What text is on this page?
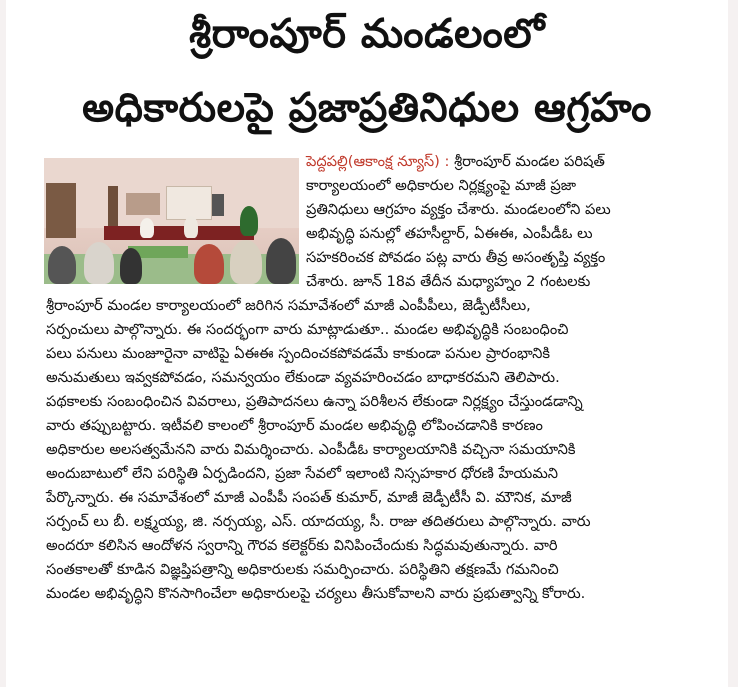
శ్రీరాంపూర్ మండలంలో
అధికారులపై ప్రజాప్రతినిధుల ఆగ్రహం
పెద్దపల్లి(ఆకాంక్ష న్యూస్) : శ్రీరాంపూర్ మండల పరిషత్
కార్యాలయంలో అధికారుల నిర్లక్ష్యంపై మాజీ ప్రజా
ప్రతినిధులు ఆగ్రహం వ్యక్తం చేశారు. మండలంలోని పలు
అభివృద్ధి పనుల్లో తహసీల్దార్, ఏఈఈ, ఎంపీడీఓ లు
సహకరించక పోవడం పట్ల వారు తీవ్ర అసంతృప్తి వ్యక్తం
చేశారు. జూన్ 18వ తేదీన మధ్యాహ్నం 2 గంటలకు
శ్రీరాంపూర్ మండల కార్యాలయంలో జరిగిన సమావేశంలో మాజీ ఎంపీపీలు, జెడ్పీటీసీలు,
సర్పంచులు పాల్గొన్నారు. ఈ సందర్భంగా వారు మాట్లాడుతూ.. మండల అభివృద్ధికి సంబంధించి
పలు పనులు మంజూరైనా వాటిపై ఏఈఈ స్పందించకపోవడమే కాకుండా పనుల ప్రారంభానికి
అనుమతులు ఇవ్వకపోవడం, సమన్వయం లేకుండా వ్యవహరించడం బాధాకరమని తెలిపారు.
పథకాలకు సంబంధించిన వివరాలు, ప్రతిపాదనలు ఉన్నా పరిశీలన లేకుండా నిర్లక్ష్యం చేస్తుండడాన్ని
వారు తప్పుబట్టారు. ఇటీవలి కాలంలో శ్రీరాంపూర్ మండల అభివృద్ధి లోపించడానికి కారణం
అధికారుల అలసత్వమేనని వారు విమర్శించారు. ఎంపీడీఓ కార్యాలయానికి వచ్చినా సమయానికి
అందుబాటులో లేని పరిస్థితి ఏర్పడిందని, ప్రజా సేవలో ఇలాంటి నిస్సహకార ధోరణి హేయమని
పేర్కొన్నారు. ఈ సమావేశంలో మాజీ ఎంపీపీ సంపత్ కుమార్, మాజీ జెడ్పీటీసీ వి. మౌనిక, మాజీ
సర్పంచ్ లు బీ. లక్ష్మయ్య, జి. నర్సయ్య, ఎస్. యాదయ్య, సీ. రాజు తదితరులు పాల్గొన్నారు. వారు
అందరూ కలిసిన ఆందోళన స్వరాన్ని గౌరవ కలెక్టర్‌కు వినిపించేందుకు సిద్ధమవుతున్నారు. వారి
సంతకాలతో కూడిన విజ్ఞప్తిపత్రాన్ని అధికారులకు సమర్పించారు. పరిస్థితిని తక్షణమే గమనించి
మండల అభివృద్ధిని కొనసాగించేలా అధికారులపై చర్యలు తీసుకోవాలని వారు ప్రభుత్వాన్ని కోరారు.
